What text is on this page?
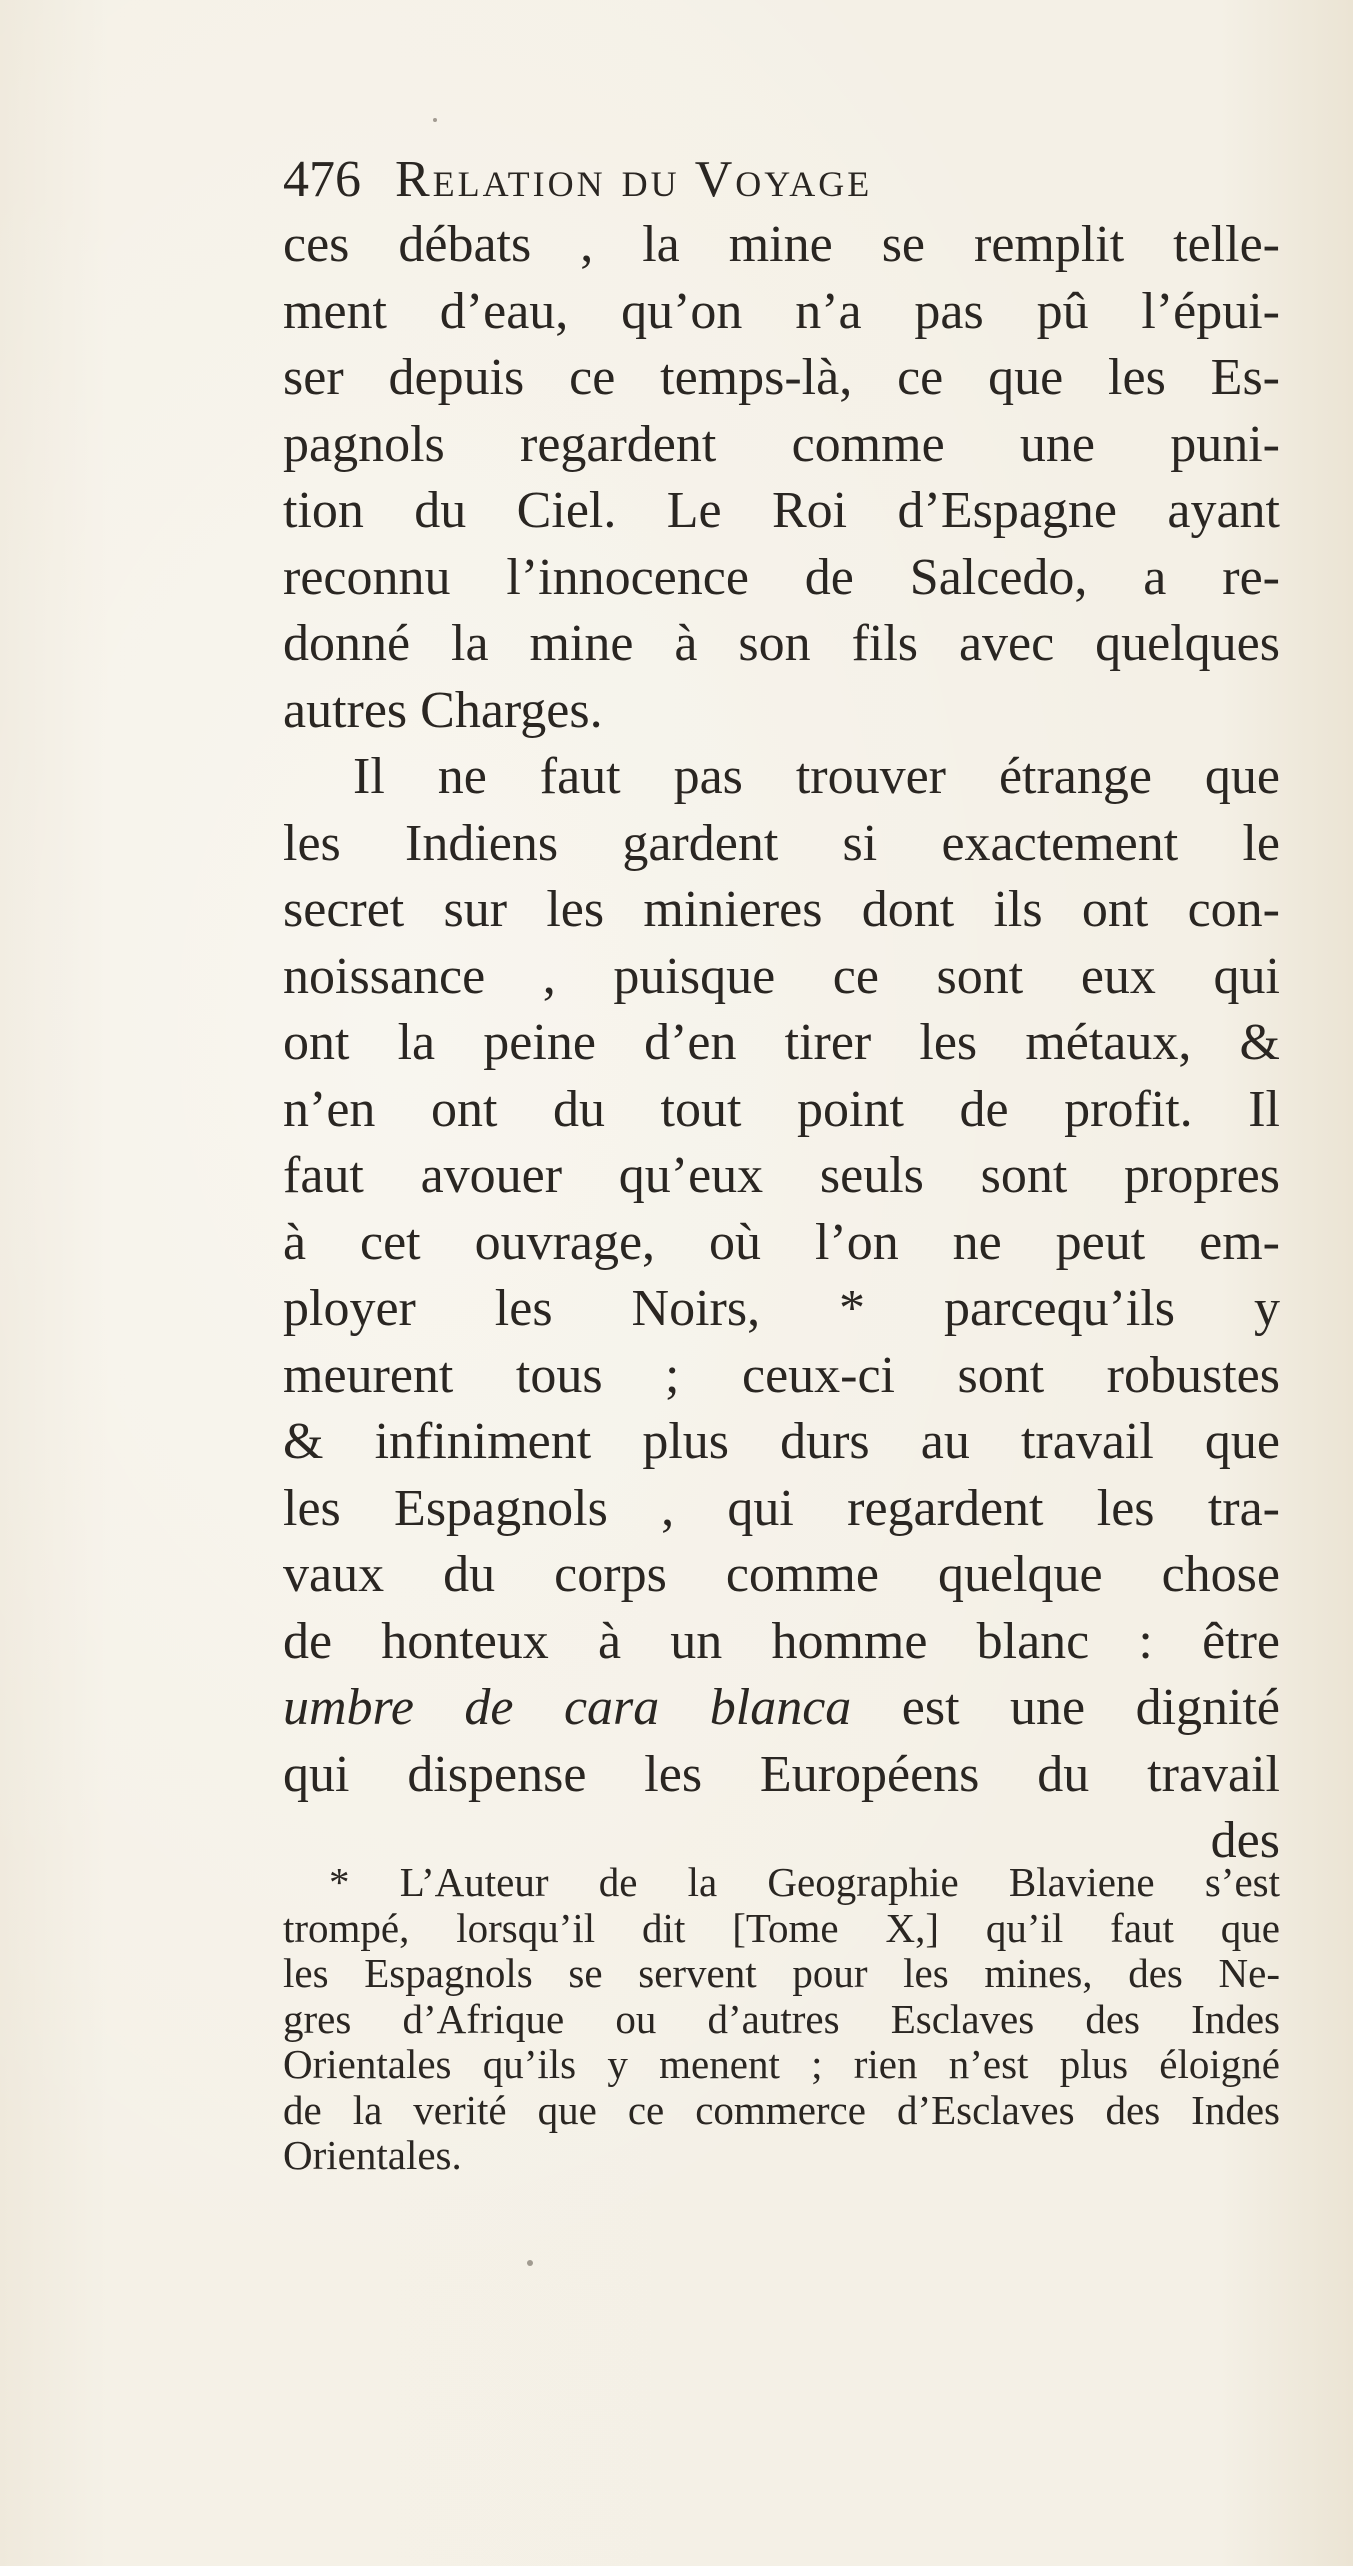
476 Relation du Voyage
ces débats , la mine se remplit telle-
ment d’eau, qu’on n’a pas pû l’épui-
ser depuis ce temps-là, ce que les Es-
pagnols regardent comme une puni-
tion du Ciel. Le Roi d’Espagne ayant
reconnu l’innocence de Salcedo, a re-
donné la mine à son fils avec quelques
autres Charges.
Il ne faut pas trouver étrange que
les Indiens gardent si exactement le
secret sur les minieres dont ils ont con-
noissance , puisque ce sont eux qui
ont la peine d’en tirer les métaux, &
n’en ont du tout point de profit. Il
faut avouer qu’eux seuls sont propres
à cet ouvrage, où l’on ne peut em-
ployer les Noirs, * parcequ’ils y
meurent tous ; ceux-ci sont robustes
& infiniment plus durs au travail que
les Espagnols , qui regardent les tra-
vaux du corps comme quelque chose
de honteux à un homme blanc : être
umbre de cara blanca est une dignité
qui dispense les Européens du travail
des
* L’Auteur de la Geographie Blaviene s’est
trompé, lorsqu’il dit [Tome X,] qu’il faut que
les Espagnols se servent pour les mines, des Ne-
gres d’Afrique ou d’autres Esclaves des Indes
Orientales qu’ils y menent ; rien n’est plus éloigné
de la verité que ce commerce d’Esclaves des Indes
Orientales.
